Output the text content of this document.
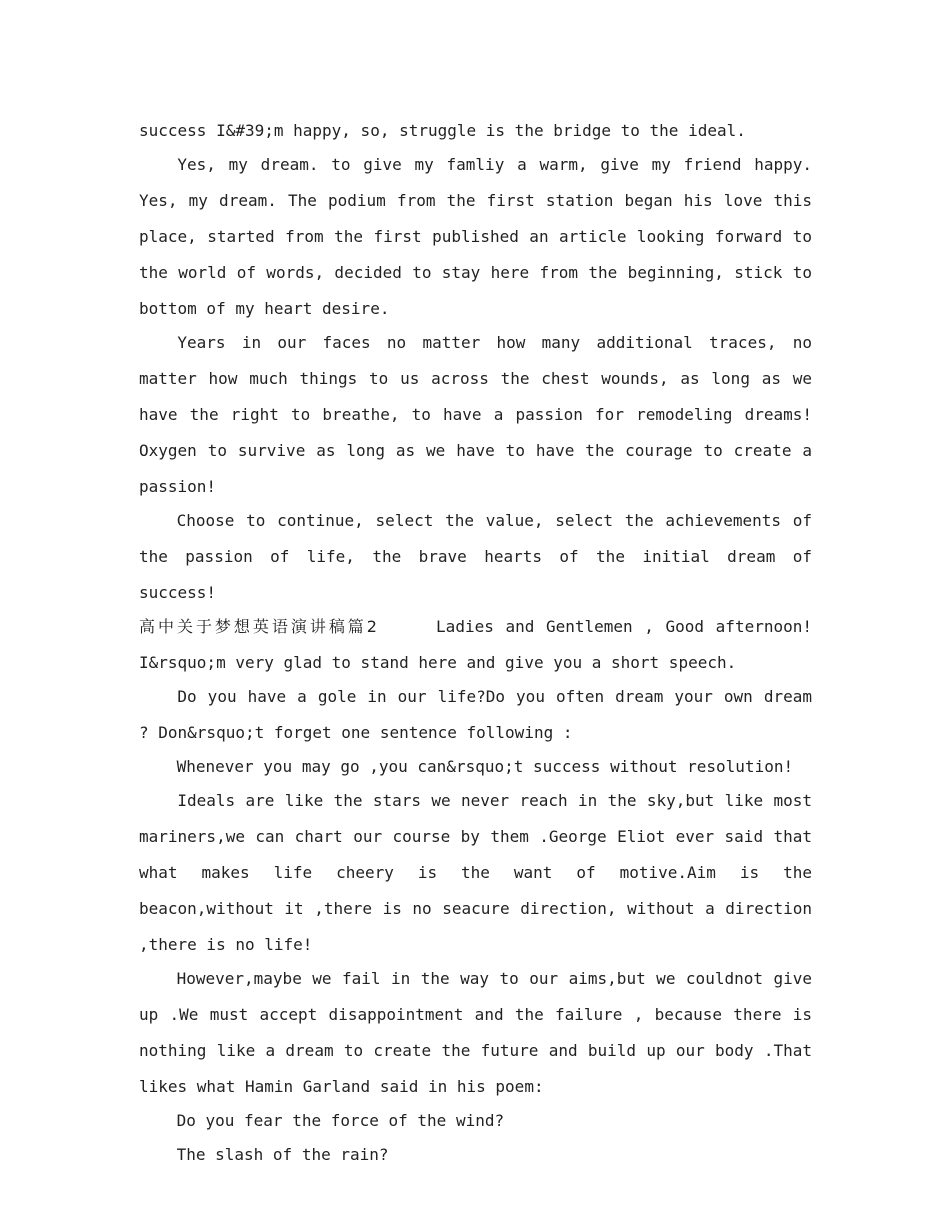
success I&#39;m happy, so, struggle is the bridge to the ideal.

Yes, my dream. to give my famliy a warm, give my friend happy. Yes, my dream. The podium from the first station began his love this place, started from the first published an article looking forward to the world of words, decided to stay here from the beginning, stick to bottom of my heart desire.

Years in our faces no matter how many additional traces, no matter how much things to us across the chest wounds, as long as we have the right to breathe, to have a passion for remodeling dreams! Oxygen to survive as long as we have to have the courage to create a passion!

Choose to continue, select the value, select the achievements of the passion of life, the brave hearts of the initial dream of success!

高中关于梦想英语演讲稿篇2	Ladies and Gentlemen , Good afternoon! I&rsquo;m very glad to stand here and give you a short speech.

Do you have a gole in our life?Do you often dream your own dream ? Don&rsquo;t forget one sentence following :

Whenever you may go ,you can&rsquo;t success without resolution!

Ideals are like the stars we never reach in the sky,but like most mariners,we can chart our course by them .George Eliot ever said that what makes life cheery is the want of motive.Aim is the beacon,without it ,there is no seacure direction, without a direction ,there is no life!

However,maybe we fail in the way to our aims,but we couldnot give up .We must accept disappointment and the failure , because there is nothing like a dream to create the future and build up our body .That likes what Hamin Garland said in his poem:

Do you fear the force of the wind?

The slash of the rain?
